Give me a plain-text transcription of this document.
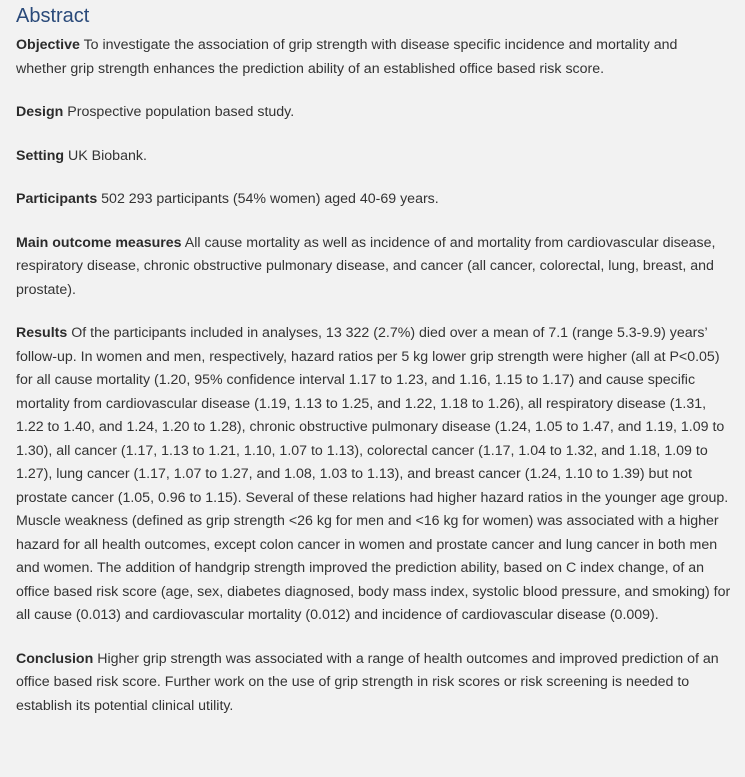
Abstract

Objective To investigate the association of grip strength with disease specific incidence and mortality and whether grip strength enhances the prediction ability of an established office based risk score.

Design Prospective population based study.

Setting UK Biobank.

Participants 502 293 participants (54% women) aged 40-69 years.

Main outcome measures All cause mortality as well as incidence of and mortality from cardiovascular disease, respiratory disease, chronic obstructive pulmonary disease, and cancer (all cancer, colorectal, lung, breast, and prostate).

Results Of the participants included in analyses, 13 322 (2.7%) died over a mean of 7.1 (range 5.3-9.9) years’ follow-up. In women and men, respectively, hazard ratios per 5 kg lower grip strength were higher (all at P<0.05) for all cause mortality (1.20, 95% confidence interval 1.17 to 1.23, and 1.16, 1.15 to 1.17) and cause specific mortality from cardiovascular disease (1.19, 1.13 to 1.25, and 1.22, 1.18 to 1.26), all respiratory disease (1.31, 1.22 to 1.40, and 1.24, 1.20 to 1.28), chronic obstructive pulmonary disease (1.24, 1.05 to 1.47, and 1.19, 1.09 to 1.30), all cancer (1.17, 1.13 to 1.21, 1.10, 1.07 to 1.13), colorectal cancer (1.17, 1.04 to 1.32, and 1.18, 1.09 to 1.27), lung cancer (1.17, 1.07 to 1.27, and 1.08, 1.03 to 1.13), and breast cancer (1.24, 1.10 to 1.39) but not prostate cancer (1.05, 0.96 to 1.15). Several of these relations had higher hazard ratios in the younger age group. Muscle weakness (defined as grip strength <26 kg for men and <16 kg for women) was associated with a higher hazard for all health outcomes, except colon cancer in women and prostate cancer and lung cancer in both men and women. The addition of handgrip strength improved the prediction ability, based on C index change, of an office based risk score (age, sex, diabetes diagnosed, body mass index, systolic blood pressure, and smoking) for all cause (0.013) and cardiovascular mortality (0.012) and incidence of cardiovascular disease (0.009).

Conclusion Higher grip strength was associated with a range of health outcomes and improved prediction of an office based risk score. Further work on the use of grip strength in risk scores or risk screening is needed to establish its potential clinical utility.
